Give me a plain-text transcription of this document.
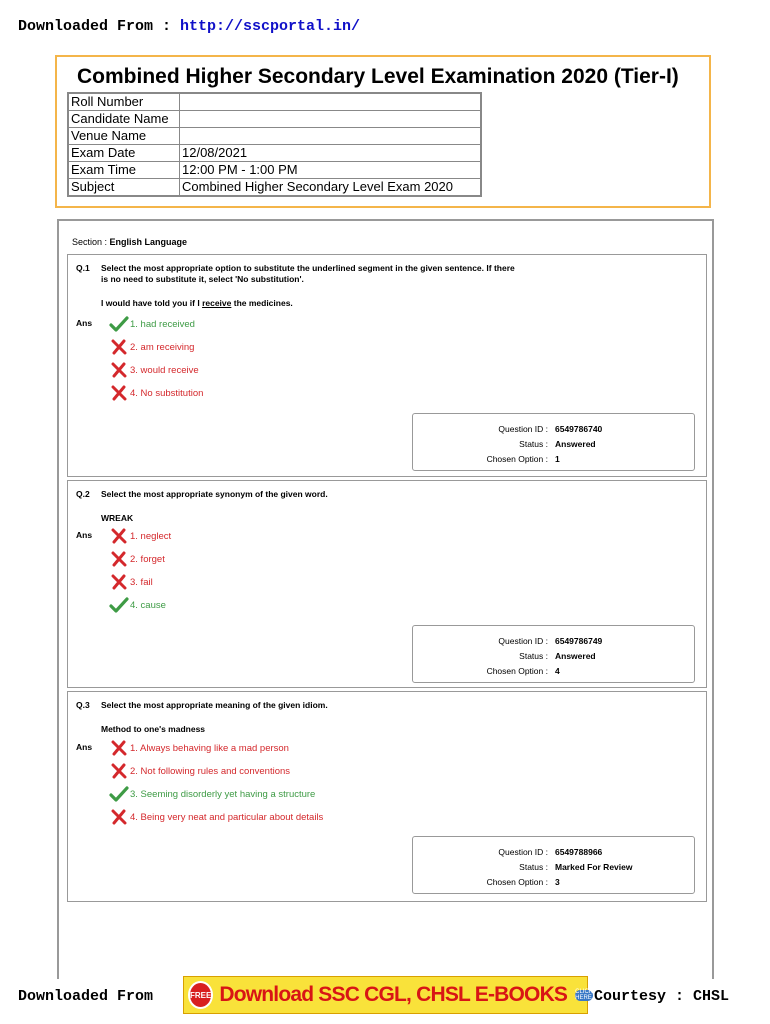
Downloaded From : http://sscportal.in/
Combined Higher Secondary Level Examination 2020 (Tier-I)
Roll Number	
Candidate Name	
Venue Name	
Exam Date	12/08/2021
Exam Time	12:00 PM - 1:00 PM
Subject	Combined Higher Secondary Level Exam 2020
Section : English Language
Q.1 Select the most appropriate option to substitute the underlined segment in the given sentence. If there is no need to substitute it, select 'No substitution'.
I would have told you if I receive the medicines.
Ans	1. had received
2. am receiving
3. would receive
4. No substitution
Question ID : 6549786740
Status : Answered
Chosen Option : 1
Q.2 Select the most appropriate synonym of the given word.
WREAK
Ans	1. neglect
2. forget
3. fail
4. cause
Question ID : 6549786749
Status : Answered
Chosen Option : 4
Q.3 Select the most appropriate meaning of the given idiom.
Method to one's madness
Ans	1. Always behaving like a mad person
2. Not following rules and conventions
3. Seeming disorderly yet having a structure
4. Being very neat and particular about details
Question ID : 6549788966
Status : Marked For Review
Chosen Option : 3
Downloaded From	FREE Download SSC CGL, CHSL E-BOOKS CLICK HERE Courtesy : CHSL
